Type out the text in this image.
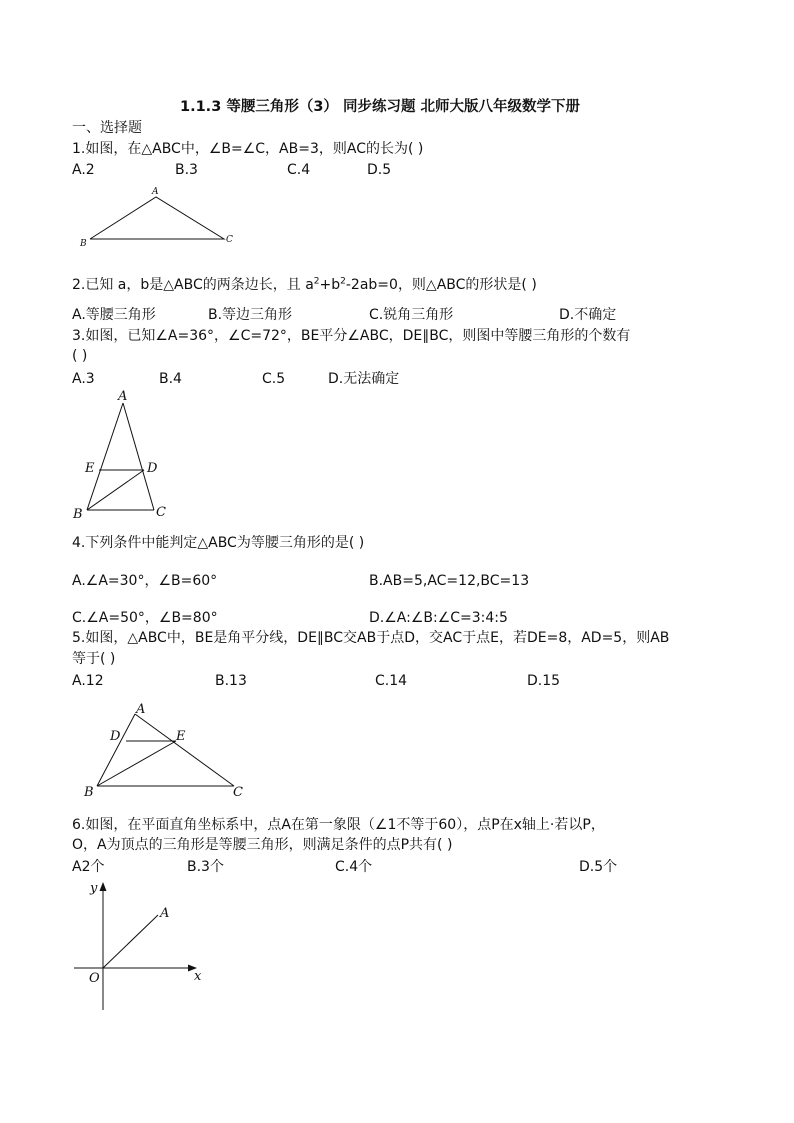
1.1.3 等腰三角形（3） 同步练习题 北师大版八年级数学下册
一、选择题
1.如图，在△ABC中，∠B=∠C，AB=3，则AC的长为( )
A.2	B.3	C.4	D.5
A
B	C
2.已知 a，b是△ABC的两条边长，且 $a^2+b^2-2ab=0$，则△ABC的形状是( )
A.等腰三角形	B.等边三角形	C.锐角三角形	D.不确定
3.如图，已知∠A=36°，∠C=72°，BE平分∠ABC，DE∥BC，则图中等腰三角形的个数有
( )
A.3	B.4	C.5	D.无法确定
A
E	D
B	C
4.下列条件中能判定△ABC为等腰三角形的是( )
A.∠A=30°，∠B=60°	B.AB=5,AC=12,BC=13
C.∠A=50°，∠B=80°	D.∠A:∠B:∠C=3:4:5
5.如图，△ABC中，BE是角平分线，DE∥BC交AB于点D，交AC于点E，若DE=8，AD=5，则AB
等于( )
A.12	B.13	C.14	D.15
A
D	E
B	C
6.如图，在平面直角坐标系中，点A在第一象限（∠1不等于60），点P在x轴上·若以P，
O，A为顶点的三角形是等腰三角形，则满足条件的点P共有( )
A2个	B.3个	C.4个	D.5个
y
A
O	x
